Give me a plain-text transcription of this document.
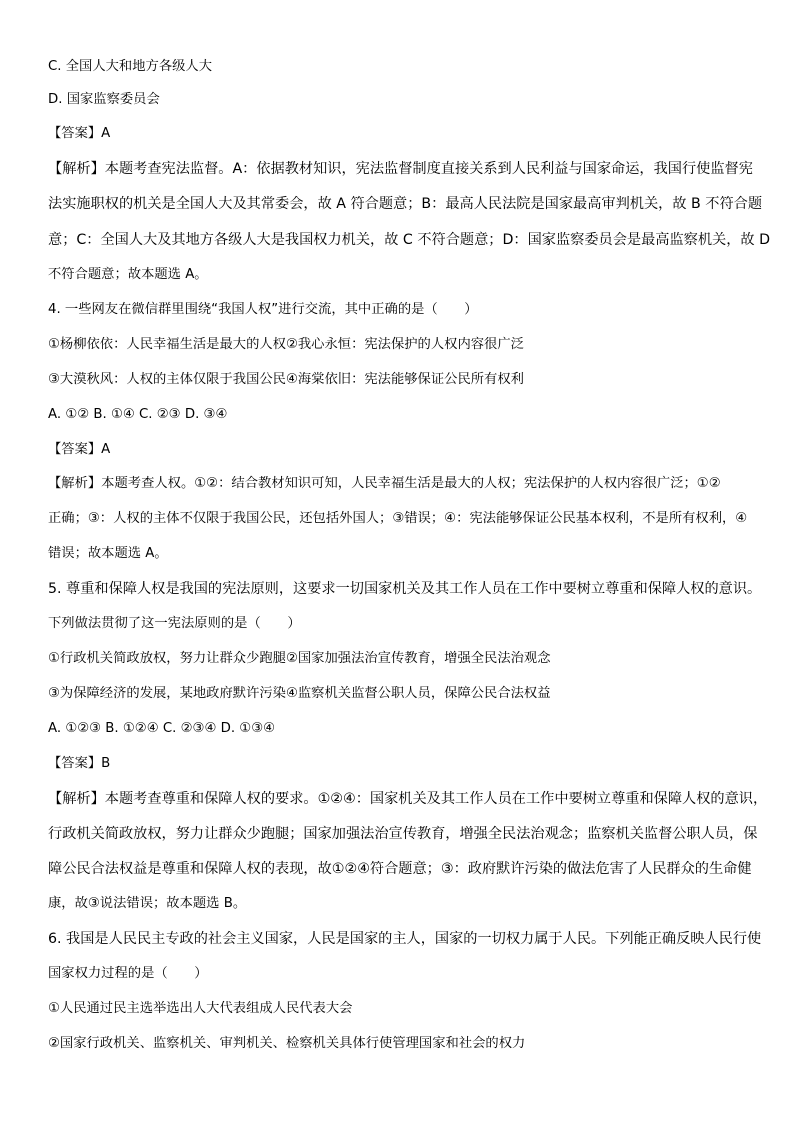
C. 全国人大和地方各级人大
D. 国家监察委员会
【答案】A
【解析】本题考查宪法监督。A：依据教材知识，宪法监督制度直接关系到人民利益与国家命运，我国行使监督宪
法实施职权的机关是全国人大及其常委会，故 A 符合题意；B：最高人民法院是国家最高审判机关，故 B 不符合题
意；C：全国人大及其地方各级人大是我国权力机关，故 C 不符合题意；D：国家监察委员会是最高监察机关，故 D
不符合题意；故本题选 A。
4. 一些网友在微信群里围绕“我国人权”进行交流，其中正确的是（　　）
①杨柳依依：人民幸福生活是最大的人权②我心永恒：宪法保护的人权内容很广泛
③大漠秋风：人权的主体仅限于我国公民④海棠依旧：宪法能够保证公民所有权利
A. ①② B. ①④ C. ②③ D. ③④
【答案】A
【解析】本题考查人权。①②：结合教材知识可知，人民幸福生活是最大的人权；宪法保护的人权内容很广泛；①②
正确；③：人权的主体不仅限于我国公民，还包括外国人；③错误；④：宪法能够保证公民基本权利，不是所有权利，④
错误；故本题选 A。
5. 尊重和保障人权是我国的宪法原则，这要求一切国家机关及其工作人员在工作中要树立尊重和保障人权的意识。
下列做法贯彻了这一宪法原则的是（　　）
①行政机关简政放权，努力让群众少跑腿②国家加强法治宣传教育，增强全民法治观念
③为保障经济的发展，某地政府默许污染④监察机关监督公职人员，保障公民合法权益
A. ①②③ B. ①②④ C. ②③④ D. ①③④
【答案】B
【解析】本题考查尊重和保障人权的要求。①②④：国家机关及其工作人员在工作中要树立尊重和保障人权的意识，
行政机关简政放权，努力让群众少跑腿；国家加强法治宣传教育，增强全民法治观念；监察机关监督公职人员，保
障公民合法权益是尊重和保障人权的表现，故①②④符合题意；③：政府默许污染的做法危害了人民群众的生命健
康，故③说法错误；故本题选 B。
6. 我国是人民民主专政的社会主义国家，人民是国家的主人，国家的一切权力属于人民。下列能正确反映人民行使
国家权力过程的是（　　）
①人民通过民主选举选出人大代表组成人民代表大会
②国家行政机关、监察机关、审判机关、检察机关具体行使管理国家和社会的权力
